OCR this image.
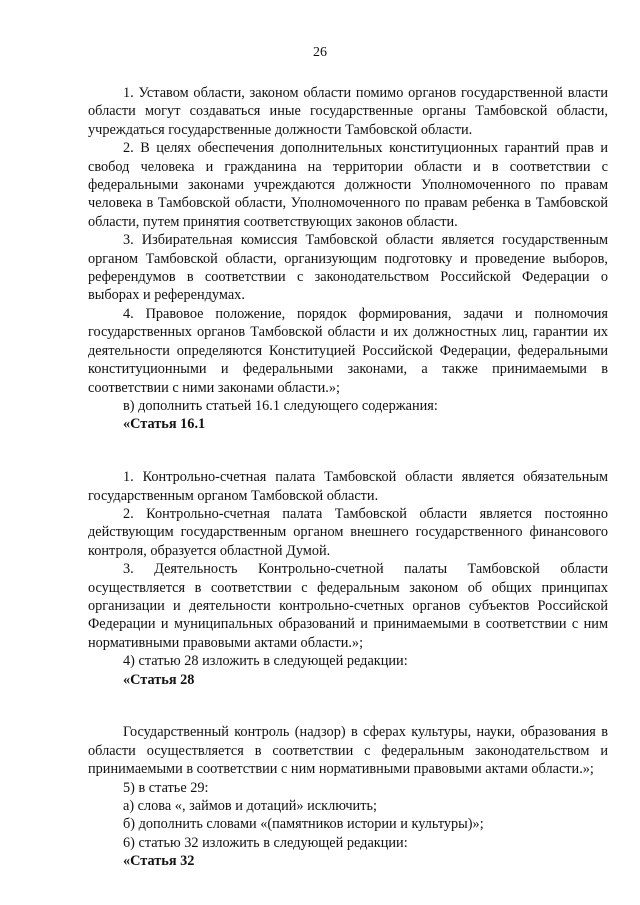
26

1. Уставом области, законом области помимо органов государственной власти области могут создаваться иные государственные органы Тамбовской области, учреждаться государственные должности Тамбовской области.

2. В целях обеспечения дополнительных конституционных гарантий прав и свобод человека и гражданина на территории области и в соответствии с федеральными законами учреждаются должности Уполномоченного по правам человека в Тамбовской области, Уполномоченного по правам ребенка в Тамбовской области, путем принятия соответствующих законов области.

3. Избирательная комиссия Тамбовской области является государственным органом Тамбовской области, организующим подготовку и проведение выборов, референдумов в соответствии с законодательством Российской Федерации о выборах и референдумах.

4. Правовое положение, порядок формирования, задачи и полномочия государственных органов Тамбовской области и их должностных лиц, гарантии их деятельности определяются Конституцией Российской Федерации, федеральными конституционными и федеральными законами, а также принимаемыми в соответствии с ними законами области.»;

в) дополнить статьей 16.1 следующего содержания:

«Статья 16.1

1. Контрольно-счетная палата Тамбовской области является обязательным государственным органом Тамбовской области.

2. Контрольно-счетная палата Тамбовской области является постоянно действующим государственным органом внешнего государственного финансового контроля, образуется областной Думой.

3. Деятельность Контрольно-счетной палаты Тамбовской области осуществляется в соответствии с федеральным законом об общих принципах организации и деятельности контрольно-счетных органов субъектов Российской Федерации и муниципальных образований и принимаемыми в соответствии с ним нормативными правовыми актами области.»;

4) статью 28 изложить в следующей редакции:

«Статья 28

Государственный контроль (надзор) в сферах культуры, науки, образования в области осуществляется в соответствии с федеральным законодательством и принимаемыми в соответствии с ним нормативными правовыми актами области.»;

5) в статье 29:

а) слова «, займов и дотаций» исключить;

б) дополнить словами «(памятников истории и культуры)»;

6) статью 32 изложить в следующей редакции:

«Статья 32
